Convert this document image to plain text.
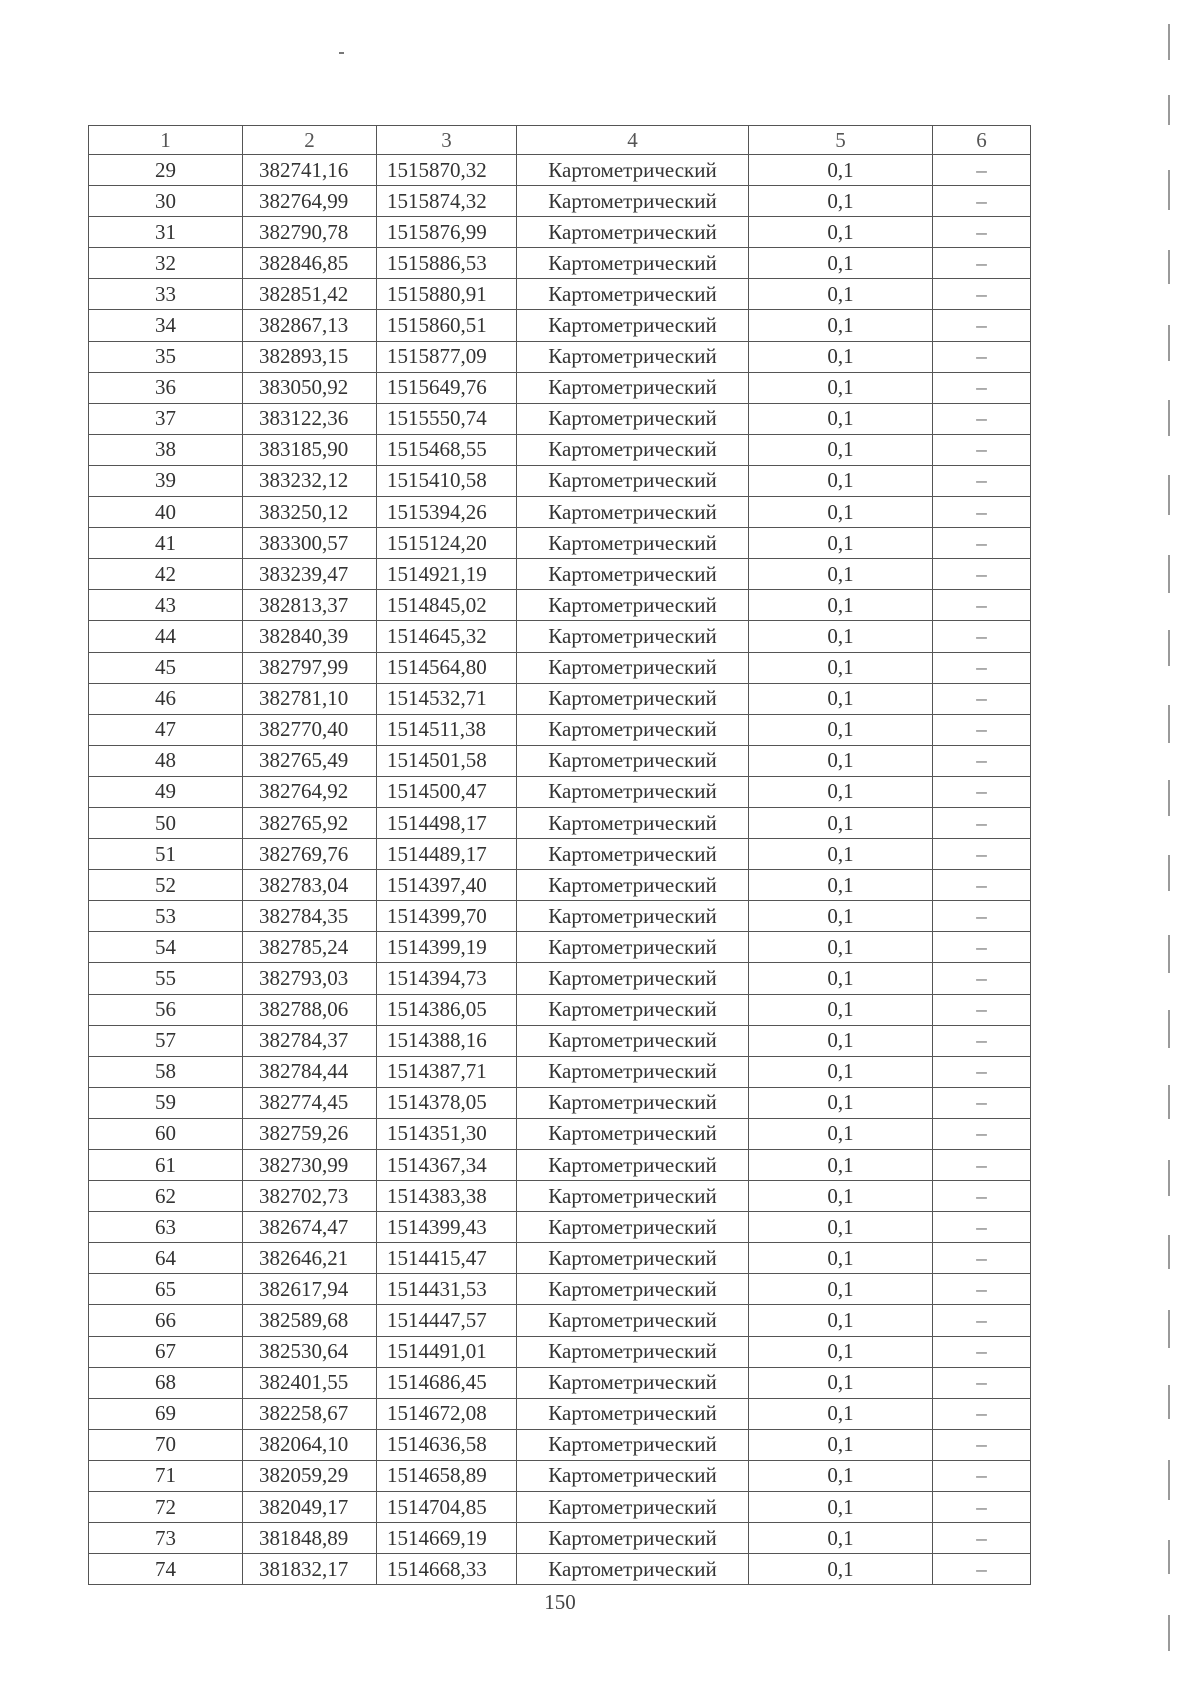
1	2	3	4	5	6
29	382741,16	1515870,32	Картометрический	0,1	–
30	382764,99	1515874,32	Картометрический	0,1	–
31	382790,78	1515876,99	Картометрический	0,1	–
32	382846,85	1515886,53	Картометрический	0,1	–
33	382851,42	1515880,91	Картометрический	0,1	–
34	382867,13	1515860,51	Картометрический	0,1	–
35	382893,15	1515877,09	Картометрический	0,1	–
36	383050,92	1515649,76	Картометрический	0,1	–
37	383122,36	1515550,74	Картометрический	0,1	–
38	383185,90	1515468,55	Картометрический	0,1	–
39	383232,12	1515410,58	Картометрический	0,1	–
40	383250,12	1515394,26	Картометрический	0,1	–
41	383300,57	1515124,20	Картометрический	0,1	–
42	383239,47	1514921,19	Картометрический	0,1	–
43	382813,37	1514845,02	Картометрический	0,1	–
44	382840,39	1514645,32	Картометрический	0,1	–
45	382797,99	1514564,80	Картометрический	0,1	–
46	382781,10	1514532,71	Картометрический	0,1	–
47	382770,40	1514511,38	Картометрический	0,1	–
48	382765,49	1514501,58	Картометрический	0,1	–
49	382764,92	1514500,47	Картометрический	0,1	–
50	382765,92	1514498,17	Картометрический	0,1	–
51	382769,76	1514489,17	Картометрический	0,1	–
52	382783,04	1514397,40	Картометрический	0,1	–
53	382784,35	1514399,70	Картометрический	0,1	–
54	382785,24	1514399,19	Картометрический	0,1	–
55	382793,03	1514394,73	Картометрический	0,1	–
56	382788,06	1514386,05	Картометрический	0,1	–
57	382784,37	1514388,16	Картометрический	0,1	–
58	382784,44	1514387,71	Картометрический	0,1	–
59	382774,45	1514378,05	Картометрический	0,1	–
60	382759,26	1514351,30	Картометрический	0,1	–
61	382730,99	1514367,34	Картометрический	0,1	–
62	382702,73	1514383,38	Картометрический	0,1	–
63	382674,47	1514399,43	Картометрический	0,1	–
64	382646,21	1514415,47	Картометрический	0,1	–
65	382617,94	1514431,53	Картометрический	0,1	–
66	382589,68	1514447,57	Картометрический	0,1	–
67	382530,64	1514491,01	Картометрический	0,1	–
68	382401,55	1514686,45	Картометрический	0,1	–
69	382258,67	1514672,08	Картометрический	0,1	–
70	382064,10	1514636,58	Картометрический	0,1	–
71	382059,29	1514658,89	Картометрический	0,1	–
72	382049,17	1514704,85	Картометрический	0,1	–
73	381848,89	1514669,19	Картометрический	0,1	–
74	381832,17	1514668,33	Картометрический	0,1	–
150
